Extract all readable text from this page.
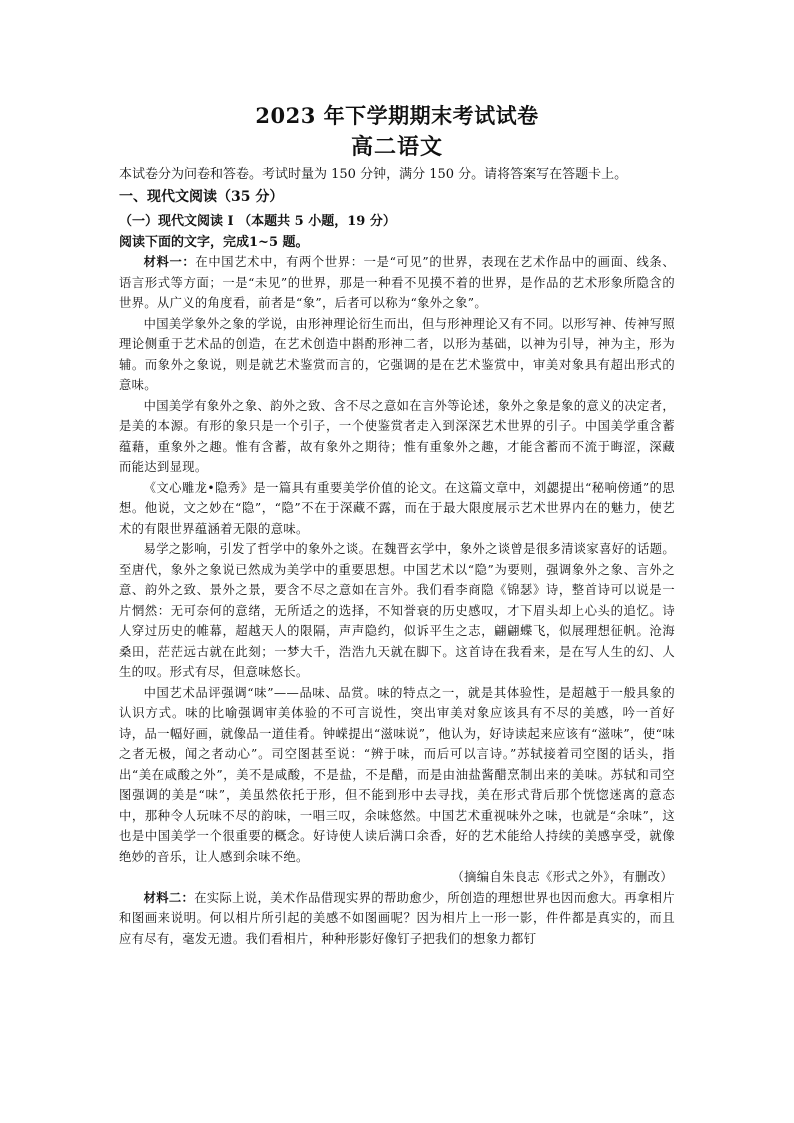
2023 年下学期期末考试试卷
高二语文
本试卷分为问卷和答卷。考试时量为 150 分钟，满分 150 分。请将答案写在答题卡上。
一、现代文阅读（35 分）
（一）现代文阅读 I （本题共 5 小题，19 分）
阅读下面的文字，完成1~5 题。

材料一：在中国艺术中，有两个世界：一是“可见”的世界，表现在艺术作品中的画面、线条、语言形式等方面；一是“未见”的世界，那是一种看不见摸不着的世界，是作品的艺术形象所隐含的世界。从广义的角度看，前者是“象”，后者可以称为“象外之象”。

中国美学象外之象的学说，由形神理论衍生而出，但与形神理论又有不同。以形写神、传神写照理论侧重于艺术品的创造，在艺术创造中斟酌形神二者，以形为基础，以神为引导，神为主，形为辅。而象外之象说，则是就艺术鉴赏而言的，它强调的是在艺术鉴赏中，审美对象具有超出形式的意味。

中国美学有象外之象、韵外之致、含不尽之意如在言外等论述，象外之象是象的意义的决定者，是美的本源。有形的象只是一个引子，一个使鉴赏者走入到深深艺术世界的引子。中国美学重含蓄蕴藉，重象外之趣。惟有含蓄，故有象外之期待；惟有重象外之趣，才能含蓄而不流于晦涩，深藏而能达到显现。

《文心雕龙•隐秀》是一篇具有重要美学价值的论文。在这篇文章中，刘勰提出“秘响傍通”的思想。他说，文之妙在“隐”，“隐”不在于深藏不露，而在于最大限度展示艺术世界内在的魅力，使艺术的有限世界蕴涵着无限的意味。

易学之影响，引发了哲学中的象外之谈。在魏晋玄学中，象外之谈曾是很多清谈家喜好的话题。至唐代，象外之象说已然成为美学中的重要思想。中国艺术以“隐”为要则，强调象外之象、言外之意、韵外之致、景外之景，要含不尽之意如在言外。我们看李商隐《锦瑟》诗，整首诗可以说是一片惘然：无可奈何的意绪，无所适之的选择，不知誉衰的历史感叹，才下眉头却上心头的追忆。诗人穿过历史的帷幕，超越天人的限隔，声声隐约，似诉平生之志，翩翩蝶飞，似展理想征帆。沧海桑田，茫茫远古就在此刻；一梦大千，浩浩九天就在脚下。这首诗在我看来，是在写人生的幻、人生的叹。形式有尽，但意味悠长。

中国艺术品评强调“味”——品味、品赏。味的特点之一，就是其体验性，是超越于一般具象的认识方式。味的比喻强调审美体验的不可言说性，突出审美对象应该具有不尽的美感，吟一首好诗，品一幅好画，就像品一道佳肴。钟嵘提出“滋味说”，他认为，好诗读起来应该有“滋味”，使“味之者无极，闻之者动心”。司空图甚至说：“辨于味，而后可以言诗。”苏轼接着司空图的话头，指出“美在咸酸之外”，美不是咸酸，不是盐，不是醋，而是由油盐酱醋烹制出来的美味。苏轼和司空图强调的美是“味”，美虽然依托于形，但不能到形中去寻找，美在形式背后那个恍惚迷离的意态中，那种令人玩味不尽的韵味，一唱三叹，余味悠然。中国艺术重视味外之味，也就是“余味”，这也是中国美学一个很重要的概念。好诗使人读后满口余香，好的艺术能给人持续的美感享受，就像绝妙的音乐，让人感到余味不绝。

（摘编自朱良志《形式之外》，有删改）

材料二：在实际上说，美术作品借现实界的帮助愈少，所创造的理想世界也因而愈大。再拿相片和图画来说明。何以相片所引起的美感不如图画呢？因为相片上一形一影，件件都是真实的，而且应有尽有，毫发无遗。我们看相片，种种形影好像钉子把我们的想象力都钉
